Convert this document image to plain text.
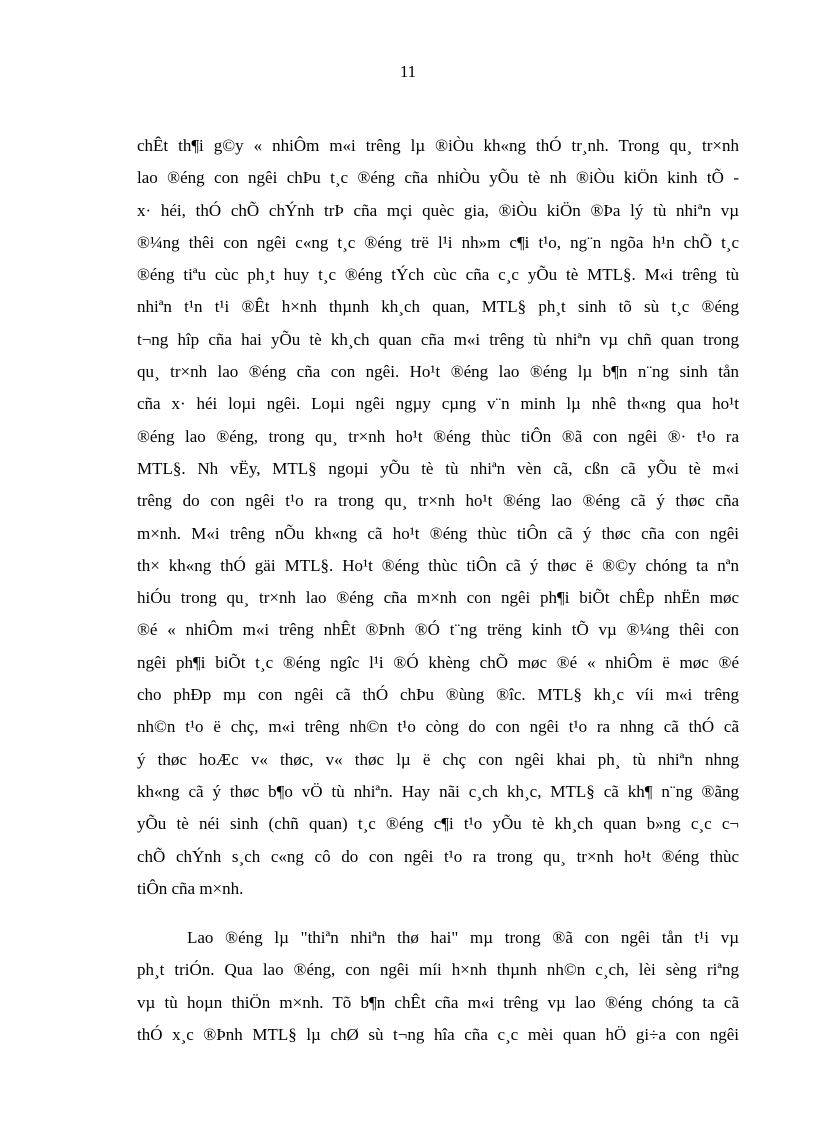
11
chÊt th¶i g©y « nhiÔm m«i trêng lµ ®iÒu kh«ng thÓ tr¸nh. Trong qu¸ tr×nh
lao ®éng con ngêi chÞu t¸c ®éng cña nhiÒu yÕu tè nh ®iÒu kiÖn kinh tÕ -
x· héi, thÓ chÕ chÝnh trÞ cña mçi quèc gia, ®iÒu kiÖn ®Þa lý tù nhiªn vµ
®¼ng thêi con ngêi c«ng t¸c ®éng trë l¹i nh»m c¶i t¹o, ng¨n ngõa h¹n chÕ t¸c
®éng tiªu cùc ph¸t huy t¸c ®éng tÝch cùc cña c¸c yÕu tè MTL§. M«i trêng tù
nhiªn t¹n t¹i ®Êt h×nh thµnh kh¸ch quan, MTL§ ph¸t sinh tõ sù t¸c ®éng
t¬ng hîp cña hai yÕu tè kh¸ch quan cña m«i trêng tù nhiªn vµ chñ quan trong
qu¸ tr×nh lao ®éng cña con ngêi. Ho¹t ®éng lao ®éng lµ b¶n n¨ng sinh tån
cña x· héi loµi ngêi. Loµi ngêi ngµy cµng v¨n minh lµ nhê th«ng qua ho¹t
®éng lao ®éng, trong qu¸ tr×nh ho¹t ®éng thùc tiÔn ®ã con ngêi ®· t¹o ra
MTL§. Nh vËy, MTL§ ngoµi yÕu tè tù nhiªn vèn cã, cßn cã yÕu tè m«i
trêng do con ngêi t¹o ra trong qu¸ tr×nh ho¹t ®éng lao ®éng cã ý thøc cña
m×nh. M«i trêng nÕu kh«ng cã ho¹t ®éng thùc tiÔn cã ý thøc cña con ngêi
th× kh«ng thÓ gäi MTL§. Ho¹t ®éng thùc tiÔn cã ý thøc ë ®©y chóng ta nªn
hiÓu trong qu¸ tr×nh lao ®éng cña m×nh con ngêi ph¶i biÕt chÊp nhËn møc
®é « nhiÔm m«i trêng nhÊt ®Þnh ®Ó t¨ng trëng kinh tÕ vµ ®¼ng thêi con
ngêi ph¶i biÕt t¸c ®éng ngîc l¹i ®Ó khèng chÕ møc ®é « nhiÔm ë møc ®é
cho phÐp mµ con ngêi cã thÓ chÞu ®ùng ®îc. MTL§ kh¸c víi m«i trêng
nh©n t¹o ë chç, m«i trêng nh©n t¹o còng do con ngêi t¹o ra nhng cã thÓ cã
ý thøc hoÆc v« thøc, v« thøc lµ ë chç con ngêi khai ph¸ tù nhiªn nhng
kh«ng cã ý thøc b¶o vÖ tù nhiªn. Hay nãi c¸ch kh¸c, MTL§ cã kh¶ n¨ng ®ãng
yÕu tè néi sinh (chñ quan) t¸c ®éng c¶i t¹o yÕu tè kh¸ch quan b»ng c¸c c¬
chÕ chÝnh s¸ch c«ng cô do con ngêi t¹o ra trong qu¸ tr×nh ho¹t ®éng thùc
tiÔn cña m×nh.
Lao ®éng lµ "thiªn nhiªn thø hai" mµ trong ®ã con ngêi tån t¹i vµ
ph¸t triÓn. Qua lao ®éng, con ngêi míi h×nh thµnh nh©n c¸ch, lèi sèng riªng
vµ tù hoµn thiÖn m×nh. Tõ b¶n chÊt cña m«i trêng vµ lao ®éng chóng ta cã
thÓ x¸c ®Þnh MTL§ lµ chØ sù t¬ng hîa cña c¸c mèi quan hÖ gi÷a con ngêi
